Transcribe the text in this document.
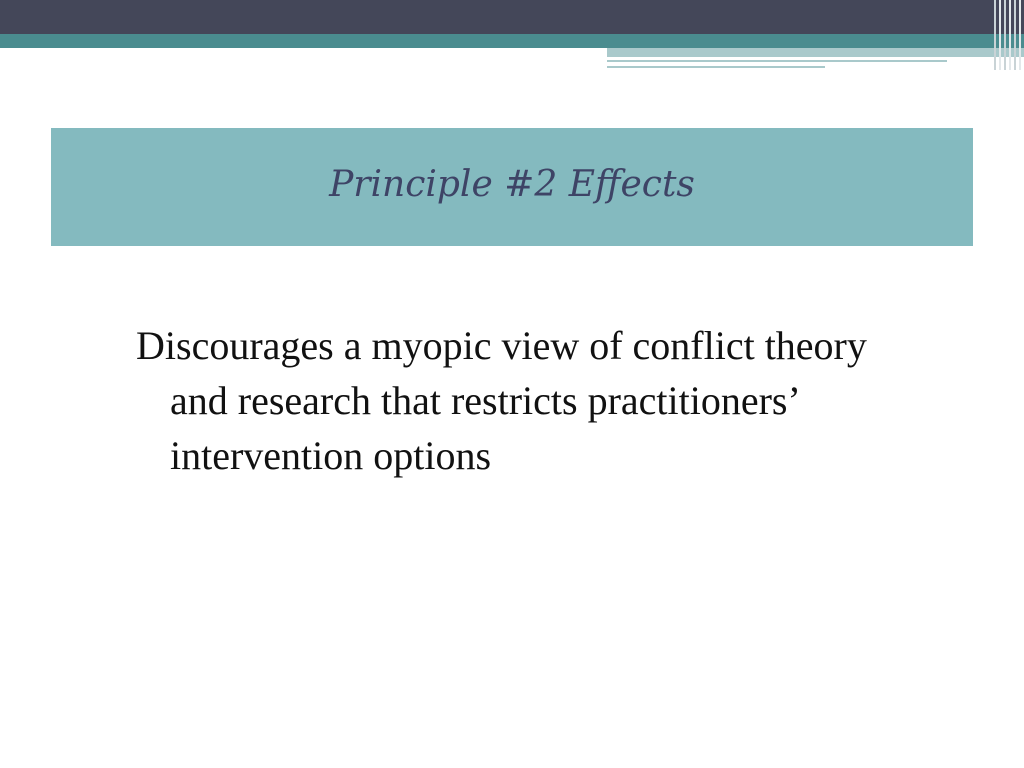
Principle #2 Effects

Discourages a myopic view of conflict theory and research that restricts practitioners’ intervention options
